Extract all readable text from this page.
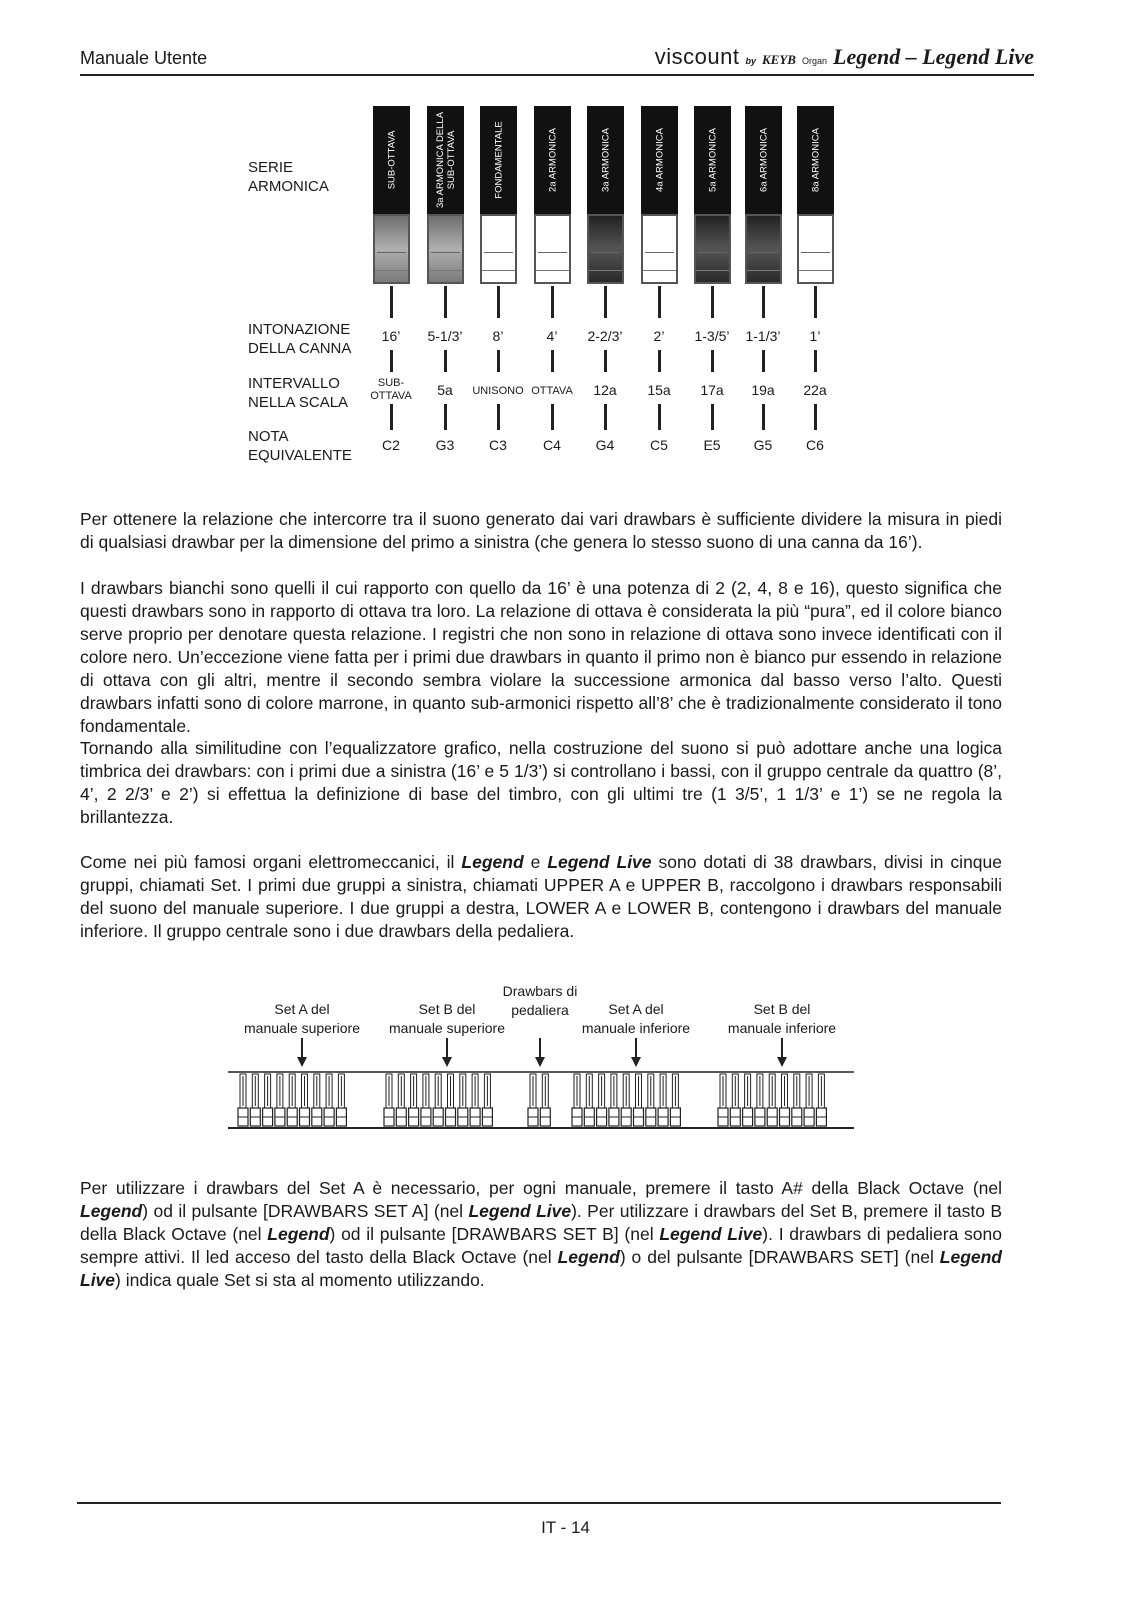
Manuale Utente	viscount by KEYB Organ Legend – Legend Live
SERIE
ARMONICA
INTONAZIONE
DELLA CANNA
INTERVALLO
NELLA SCALA
NOTA
EQUIVALENTE
SUB-OTTAVA
16’
SUB-
OTTAVA
C2
3a ARMONICA DELLA
SUB-OTTAVA
5-1/3’
5a
G3
FONDAMENTALE
8’
UNISONO
C3
2a ARMONICA
4’
OTTAVA
C4
3a ARMONICA
2-2/3’
12a
G4
4a ARMONICA
2’
15a
C5
5a ARMONICA
1-3/5’
17a
E5
6a ARMONICA
1-1/3’
19a
G5
8a ARMONICA
1’
22a
C6
Per ottenere la relazione che intercorre tra il suono generato dai vari drawbars è sufficiente dividere la misura in piedi di qualsiasi drawbar per la dimensione del primo a sinistra (che genera lo stesso suono di una canna da 16’).
I drawbars bianchi sono quelli il cui rapporto con quello da 16’ è una potenza di 2 (2, 4, 8 e 16), questo significa che questi drawbars sono in rapporto di ottava tra loro. La relazione di ottava è considerata la più “pura”, ed il colore bianco serve proprio per denotare questa relazione. I registri che non sono in relazione di ottava sono invece identificati con il colore nero. Un’eccezione viene fatta per i primi due drawbars in quanto il primo non è bianco pur essendo in relazione di ottava con gli altri, mentre il secondo sembra violare la successione armonica dal basso verso l’alto. Questi drawbars infatti sono di colore marrone, in quanto sub-armonici rispetto all’8’ che è tradizionalmente considerato il tono fondamentale.
Tornando alla similitudine con l’equalizzatore grafico, nella costruzione del suono si può adottare anche una logica timbrica dei drawbars: con i primi due a sinistra (16’ e 5 1/3’) si controllano i bassi, con il gruppo centrale da quattro (8’, 4’, 2 2/3’ e 2’) si effettua la definizione di base del timbro, con gli ultimi tre (1 3/5’, 1 1/3’ e 1’) se ne regola la brillantezza.
Come nei più famosi organi elettromeccanici, il Legend e Legend Live sono dotati di 38 drawbars, divisi in cinque gruppi, chiamati Set. I primi due gruppi a sinistra, chiamati UPPER A e UPPER B, raccolgono i drawbars responsabili del suono del manuale superiore. I due gruppi a destra, LOWER A e LOWER B, contengono i drawbars del manuale inferiore. Il gruppo centrale sono i due drawbars della pedaliera.
Set A del
manuale superiore
Set B del
manuale superiore
Drawbars di
pedaliera	Set A del
manuale inferiore
Set B del
manuale inferiore
Per utilizzare i drawbars del Set A è necessario, per ogni manuale, premere il tasto A# della Black Octave (nel Legend) od il pulsante [DRAWBARS SET A] (nel Legend Live). Per utilizzare i drawbars del Set B, premere il tasto B della Black Octave (nel Legend) od il pulsante [DRAWBARS SET B] (nel Legend Live). I drawbars di pedaliera sono sempre attivi. Il led acceso del tasto della Black Octave (nel Legend) o del pulsante [DRAWBARS SET] (nel Legend Live) indica quale Set si sta al momento utilizzando.
IT - 14
